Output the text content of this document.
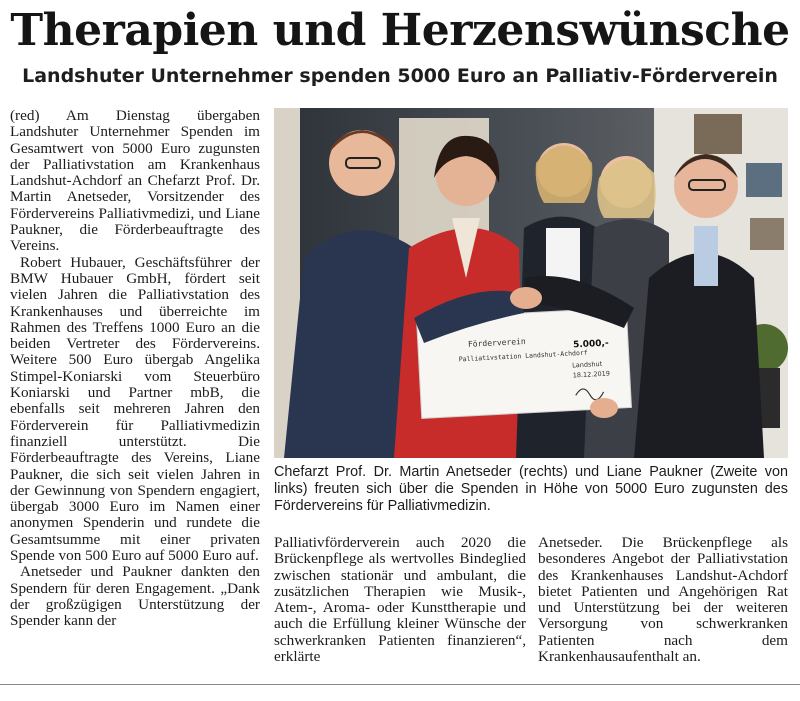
Therapien und Herzenswünsche
Landshuter Unternehmer spenden 5000 Euro an Palliativ-Förderverein

(red) Am Dienstag übergaben Landshuter Unternehmer Spenden im Gesamtwert von 5000 Euro zugunsten der Palliativstation am Krankenhaus Landshut-Achdorf an Chefarzt Prof. Dr. Martin Anetseder, Vorsitzender des Fördervereins Palliativmedizi, und Liane Paukner, die Förderbeauftragte des Vereins.

Robert Hubauer, Geschäftsführer der BMW Hubauer GmbH, fördert seit vielen Jahren die Palliativstation des Krankenhauses und überreichte im Rahmen des Treffens 1000 Euro an die beiden Vertreter des Fördervereins. Weitere 500 Euro übergab Angelika Stimpel-Koniarski vom Steuerbüro Koniarski und Partner mbB, die ebenfalls seit mehreren Jahren den Förderverein für Palliativmedizin finanziell unterstützt. Die Förderbeauftragte des Vereins, Liane Paukner, die sich seit vielen Jahren in der Gewinnung von Spendern engagiert, übergab 3000 Euro im Namen einer anonymen Spenderin und rundete die Gesamtsumme mit einer privaten Spende von 500 Euro auf 5000 Euro auf.

Anetseder und Paukner dankten den Spendern für deren Engagement. „Dank der großzügigen Unterstützung der Spender kann der

Förderverein
Palliativstation Landshut-Achdorf
5.000,-
Landshut
18.12.2019

Chefarzt Prof. Dr. Martin Anetseder (rechts) und Liane Paukner (Zweite von links) freuten sich über die Spenden in Höhe von 5000 Euro zugunsten des Fördervereins für Palliativmedizin.

Palliativförderverein auch 2020 die Brückenpflege als wertvolles Bindeglied zwischen stationär und ambulant, die zusätzlichen Therapien wie Musik-, Atem-, Aroma- oder Kunsttherapie und auch die Erfüllung kleiner Wünsche der schwerkranken Patienten finanzieren“, erklärte

Anetseder. Die Brückenpflege als besonderes Angebot der Palliativstation des Krankenhauses Landshut-Achdorf bietet Patienten und Angehörigen Rat und Unterstützung bei der weiteren Versorgung von schwerkranken Patienten nach dem Krankenhausaufenthalt an.
